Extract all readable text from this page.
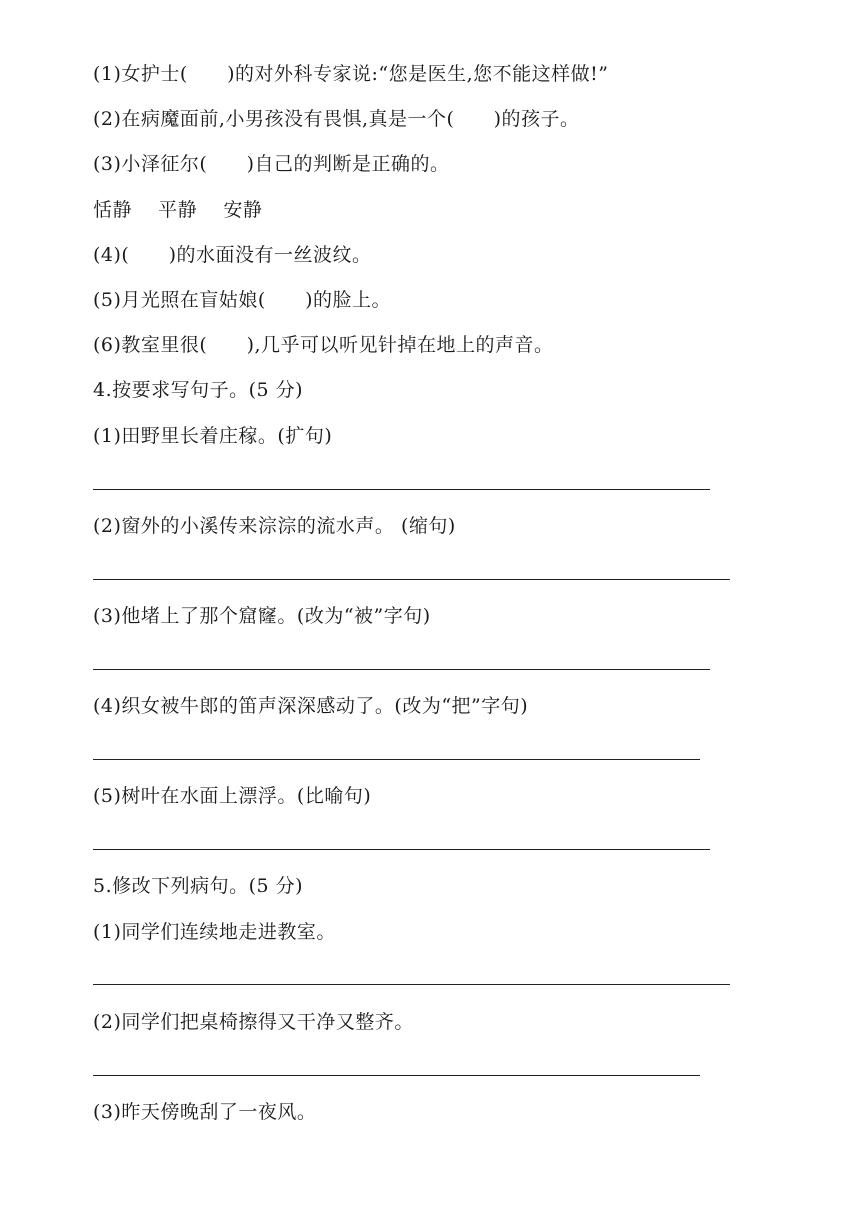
(1)女护士(      )的对外科专家说:“您是医生,您不能这样做!”
(2)在病魔面前,小男孩没有畏惧,真是一个(      )的孩子。
(3)小泽征尔(      )自己的判断是正确的。
恬静    平静    安静
(4)(      )的水面没有一丝波纹。
(5)月光照在盲姑娘(      )的脸上。
(6)教室里很(      ),几乎可以听见针掉在地上的声音。
4.按要求写句子。(5 分)
(1)田野里长着庄稼。(扩句)
(2)窗外的小溪传来淙淙的流水声。 (缩句)
(3)他堵上了那个窟窿。(改为“被”字句)
(4)织女被牛郎的笛声深深感动了。(改为“把”字句)
(5)树叶在水面上漂浮。(比喻句)
5.修改下列病句。(5 分)
(1)同学们连续地走进教室。
(2)同学们把桌椅擦得又干净又整齐。
(3)昨天傍晚刮了一夜风。
